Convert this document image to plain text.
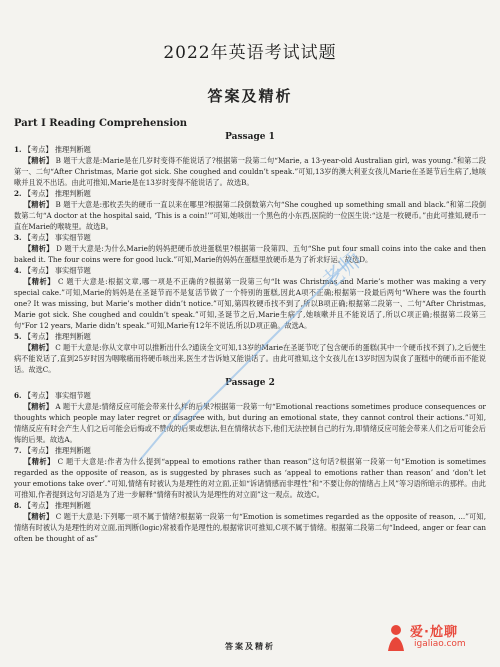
2022年英语考试试题
答案及精析
Part Ⅰ Reading Comprehension
Passage 1
1. 【考点】 推理判断题

【精析】 B 题干大意是:Marie是在几岁时变得不能说话了?根据第一段第二句“Marie, a 13-year-old Australian girl, was young.”和第二段第一、二句“After Christmas, Marie got sick. She coughed and couldn’t speak.”可知,13岁的澳大利亚女孩儿Marie在圣诞节后生病了,她咳嗽并且说不出话。由此可推知,Marie是在13岁时变得不能说话了。故选B。

2. 【考点】 推理判断题

【精析】 B 题干大意是:那枚丢失的硬币一直以来在哪里?根据第二段倒数第六句“She coughed up something small and black.”和第二段倒数第二句“A doctor at the hospital said, ‘This is a coin!’”可知,她咳出一个黑色的小东西,医院的一位医生说:“这是一枚硬币。”由此可推知,硬币一直在Marie的喉咙里。故选B。

3. 【考点】 事实细节题

【精析】 D 题干大意是:为什么Marie的妈妈把硬币放进蛋糕里?根据第一段第四、五句“She put four small coins into the cake and then baked it. The four coins were for good luck.”可知,Marie的妈妈在蛋糕里放硬币是为了祈求好运。故选D。

4. 【考点】 事实细节题

【精析】 C 题干大意是:根据文章,哪一项是不正确的?根据第一段第三句“It was Christmas and Marie’s mother was making a very special cake.”可知,Marie的妈妈是在圣诞节而不是复活节做了一个特别的蛋糕,因此A项不正确;根据第一段最后两句“Where was the fourth one? It was missing, but Marie’s mother didn’t notice.”可知,第四枚硬币找不到了,所以B项正确;根据第二段第一、二句“After Christmas, Marie got sick. She coughed and couldn’t speak.”可知,圣诞节之后,Marie生病了,她咳嗽并且不能说话了,所以C项正确;根据第二段第三句“For 12 years, Marie didn’t speak.”可知,Marie有12年不说话,所以D项正确。故选A。

5. 【考点】 推理判断题

【精析】 C 题干大意是:你从文章中可以推断出什么?通读全文可知,13岁的Marie在圣诞节吃了包含硬币的蛋糕(其中一个硬币找不到了),之后便生病不能说话了,直到25岁时因为咽喉痛而将硬币咳出来,医生才告诉她又能说话了。由此可推知,这个女孩儿在13岁时因为误食了蛋糕中的硬币而不能说话。故选C。

Passage 2
6. 【考点】 事实细节题

【精析】 A 题干大意是:情绪反应可能会带来什么样的后果?根据第一段第一句“Emotional reactions sometimes produce consequences or thoughts which people may later regret or disagree with, but during an emotional state, they cannot control their actions.”可知,情绪反应有时会产生人们之后可能会后悔或不赞成的后果或想法,但在情绪状态下,他们无法控制自己的行为,即情绪反应可能会带来人们之后可能会后悔的后果。故选A。

7. 【考点】 推理判断题

【精析】 C 题干大意是:作者为什么提到“appeal to emotions rather than reason”这句话?根据第一段第一句“Emotion is sometimes regarded as the opposite of reason, as is suggested by phrases such as ‘appeal to emotions rather than reason’ and ‘don’t let your emotions take over’.”可知,情绪有时被认为是理性的对立面,正如“诉诸情感而非理性”和“不要让你的情绪占上风”等习语所暗示的那样。由此可推知,作者提到这句习语是为了进一步解释“情绪有时被认为是理性的对立面”这一观点。故选C。

8. 【考点】 推理判断题

【精析】 C 题干大意是:下列哪一项不属于情绪?根据第一段第一句“Emotion is sometimes regarded as the opposite of reason, ...”可知,情绪有时被认为是理性的对立面,而判断(logic)常被看作是理性的,根据常识可推知,C项不属于情绪。根据第二段第二句“Indeed, anger or fear can often be thought of as”

老师
答案及精析
爱·尬聊
igaliao.com
